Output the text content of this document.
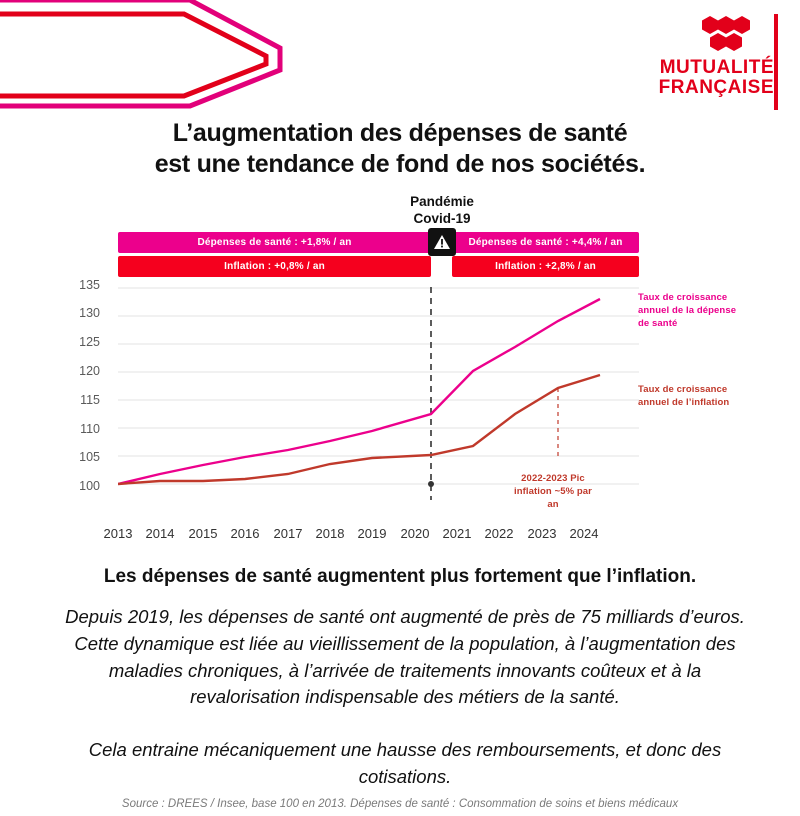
MUTUALITÉ
FRANÇAISE
L’augmentation des dépenses de santé
est une tendance de fond de nos sociétés.
Pandémie
Covid-19
Dépenses de santé : +1,8% / an
Inflation : +0,8% / an
Dépenses de santé : +4,4% / an
Inflation : +2,8% / an
135
130
125
120
115
110
105
100
2013	2014	2015	2016	2017	2018	2019	2020	2021	2022	2023	2024
Taux de croissance annuel de la dépense de santé
Taux de croissance annuel de l’inflation
2022-2023 Pic inflation ~5% par an
Les dépenses de santé augmentent plus fortement que l’inflation.
Depuis 2019, les dépenses de santé ont augmenté de près de 75 milliards d’euros. Cette dynamique est liée au vieillissement de la population, à l’augmentation des maladies chroniques, à l’arrivée de traitements innovants coûteux et à la revalorisation indispensable des métiers de la santé.
Cela entraine mécaniquement une hausse des remboursements, et donc des cotisations.
Source : DREES / Insee, base 100 en 2013. Dépenses de santé : Consommation de soins et biens médicaux
